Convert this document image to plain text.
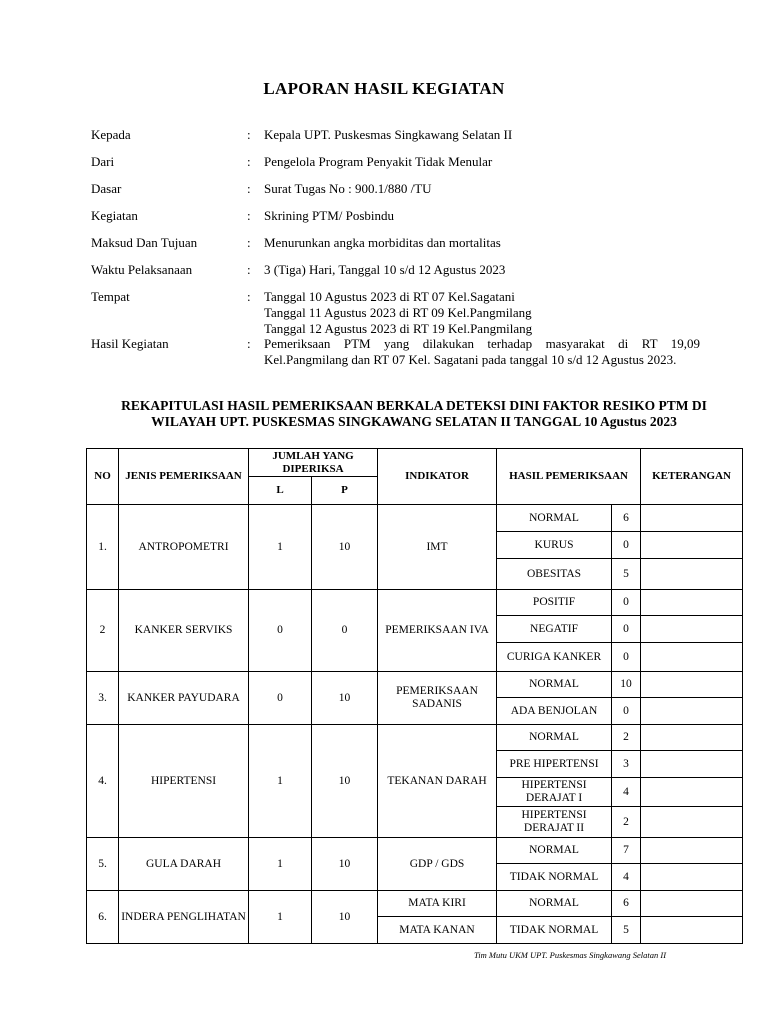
LAPORAN HASIL KEGIATAN
Kepada	: Kepala UPT. Puskesmas Singkawang Selatan II
Dari	: Pengelola Program Penyakit Tidak Menular
Dasar	: Surat Tugas No : 900.1/880 /TU
Kegiatan	: Skrining PTM/ Posbindu
Maksud Dan Tujuan	: Menurunkan angka morbiditas dan mortalitas
Waktu Pelaksanaan	: 3 (Tiga) Hari, Tanggal 10 s/d 12 Agustus 2023
Tempat	: Tanggal 10 Agustus 2023 di RT 07 Kel.Sagatani
Tanggal 11 Agustus 2023 di RT 09 Kel.Pangmilang
Tanggal 12 Agustus 2023 di RT 19 Kel.Pangmilang
Hasil Kegiatan	: Pemeriksaan PTM yang dilakukan terhadap masyarakat di RT 19,09 Kel.Pangmilang dan RT 07 Kel. Sagatani pada tanggal 10 s/d 12 Agustus 2023.
REKAPITULASI HASIL PEMERIKSAAN BERKALA DETEKSI DINI FAKTOR RESIKO PTM DI
WILAYAH UPT. PUSKESMAS SINGKAWANG SELATAN II TANGGAL 10 Agustus 2023
NO	JENIS PEMERIKSAAN	JUMLAH YANG DIPERIKSA		INDIKATOR	HASIL PEMERIKSAAN		KETERANGAN
		L	P				
1.	ANTROPOMETRI	1	10	IMT	NORMAL	6	
					KURUS	0	
					OBESITAS	5	
2	KANKER SERVIKS	0	0	PEMERIKSAAN IVA	POSITIF	0	
					NEGATIF	0	
					CURIGA KANKER	0	
3.	KANKER PAYUDARA	0	10	PEMERIKSAAN SADANIS	NORMAL	10	
					ADA BENJOLAN	0	
4.	HIPERTENSI	1	10	TEKANAN DARAH	NORMAL	2	
					PRE HIPERTENSI	3	
					HIPERTENSI DERAJAT I	4	
					HIPERTENSI DERAJAT II	2	
5.	GULA DARAH	1	10	GDP / GDS	NORMAL	7	
					TIDAK NORMAL	4	
6.	INDERA PENGLIHATAN	1	10	MATA KIRI	NORMAL	6	
				MATA KANAN	TIDAK NORMAL	5	
Tim Mutu UKM UPT. Puskesmas Singkawang Selatan II
